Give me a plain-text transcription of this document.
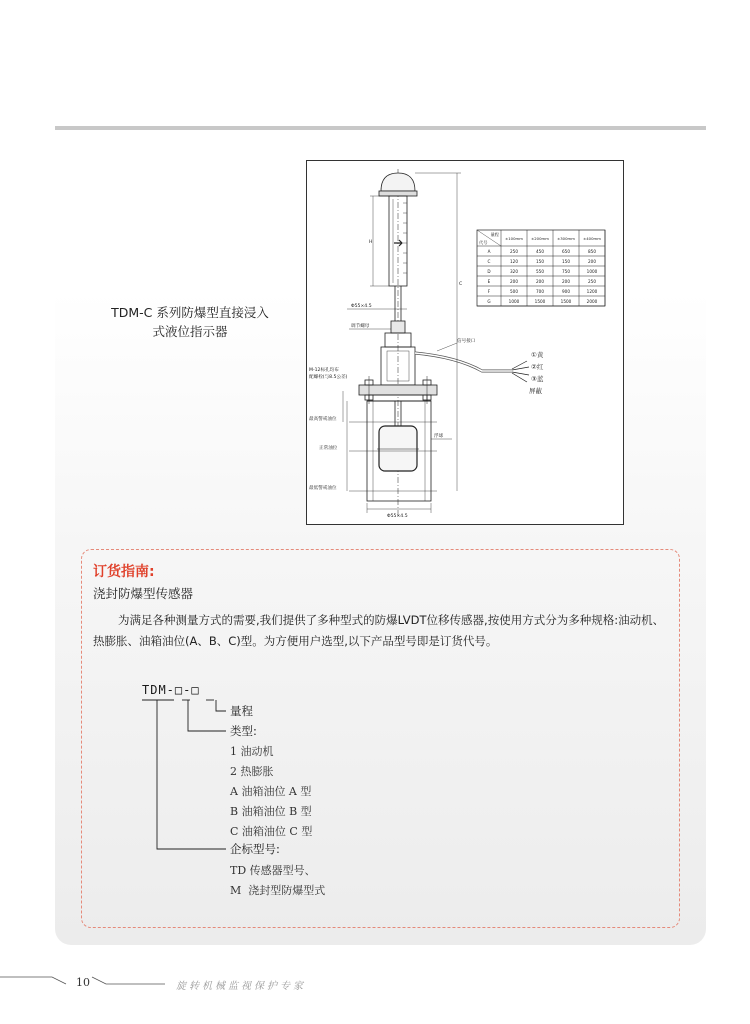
TDM-C 系列防爆型直接浸入
式液位指示器
Φ55×4.5
调节螺母
信号接口
M-12标孔均布
配螺栓(与8.5公差)
最高警戒油位
正常油位
最低警戒油位
浮球
Φ55×4.5
H
C
①黄
②红
③蓝
屏蔽
量程
代号
±100mm ±200mm ±300mm ±400mm
A	250	450	650	850
C	120	150	150	200
D	320	550	750	1000
E	200	200	200	250
F	500	700	900	1200
G	1000	1500	1500	2000
订货指南:
浇封防爆型传感器
为满足各种测量方式的需要,我们提供了多种型式的防爆LVDT位移传感器,按使用方式分为多种规格:油动机、热膨胀、油箱油位(A、B、C)型。为方便用户选型,以下产品型号即是订货代号。
TDM-□-□
量程
类型:
1 油动机
2 热膨胀
A 油箱油位 A 型
B 油箱油位 B 型
C 油箱油位 C 型
企标型号:
TD 传感器型号、
M  浇封型防爆型式
10	旋转机械监视保护专家
